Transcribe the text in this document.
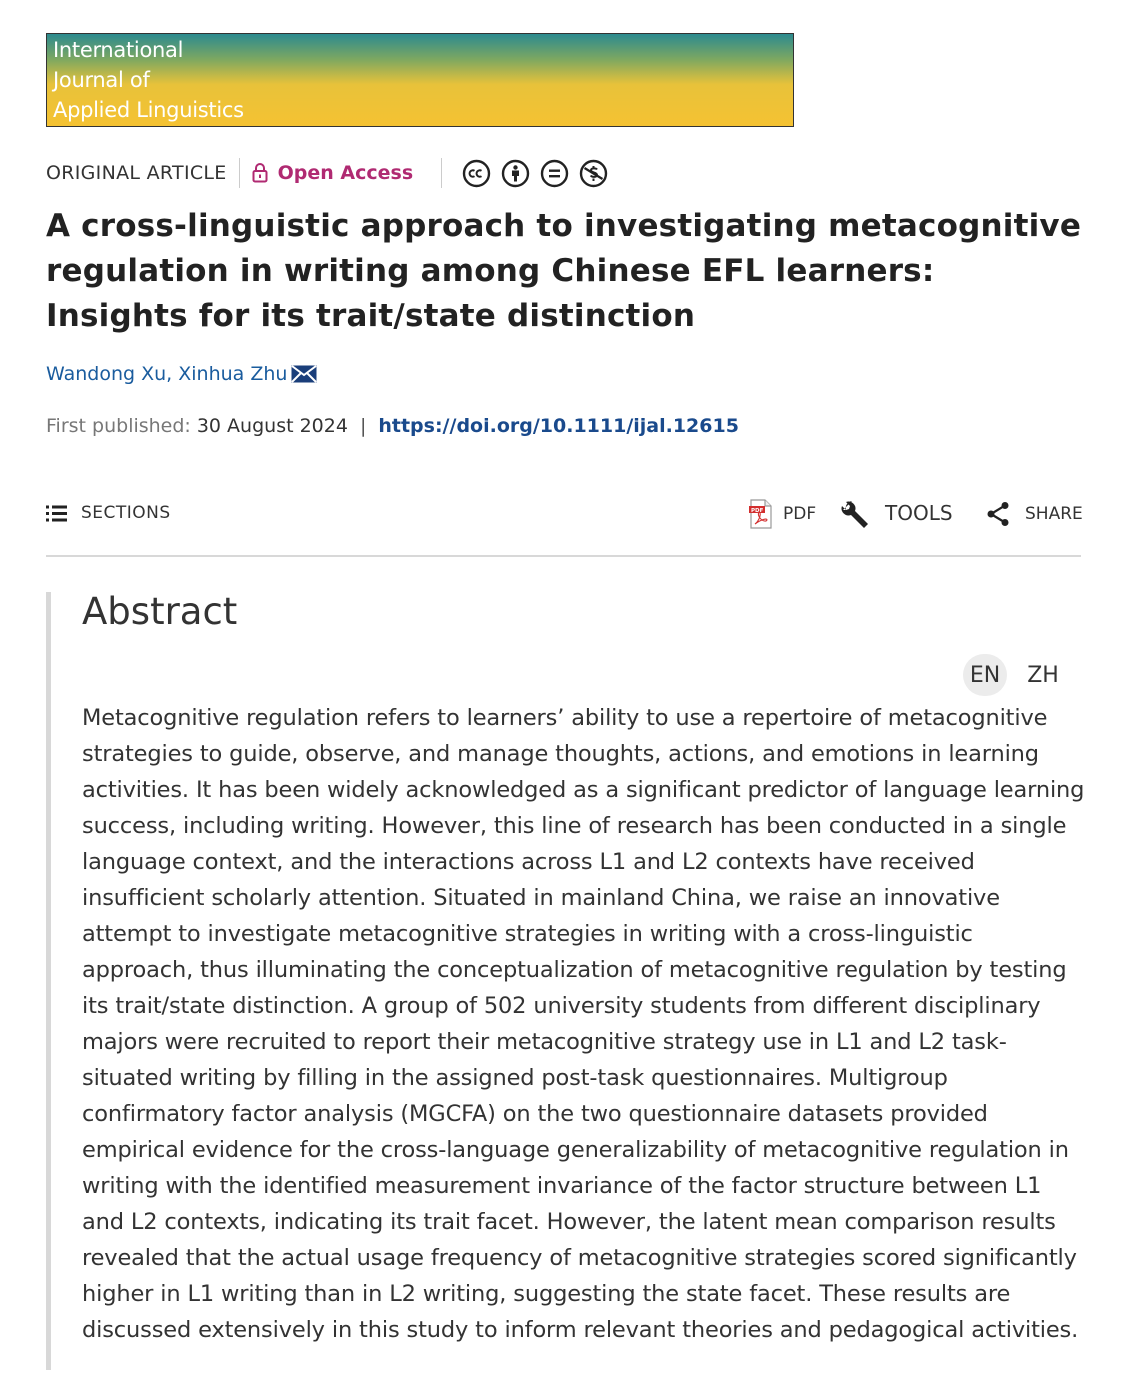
International
Journal of
Applied Linguistics
ORIGINAL ARTICLE	Open Access
A cross-linguistic approach to investigating metacognitive regulation in writing among Chinese EFL learners: Insights for its trait/state distinction
Wandong Xu ,
Xinhua Zhu
First published: 30 August 2024 | https://doi.org/10.1111/ijal.12615
SECTIONS	PDF PDF	TOOLS	SHARE
Abstract
EN	ZH
Metacognitive regulation refers to learners’ ability to use a repertoire of metacognitive strategies to guide, observe, and manage thoughts, actions, and emotions in learning activities. It has been widely acknowledged as a significant predictor of language learning success, including writing. However, this line of research has been conducted in a single language context, and the interactions across L1 and L2 contexts have received insufficient scholarly attention. Situated in mainland China, we raise an innovative attempt to investigate metacognitive strategies in writing with a cross-linguistic approach, thus illuminating the conceptualization of metacognitive regulation by testing its trait/state distinction. A group of 502 university students from different disciplinary majors were recruited to report their metacognitive strategy use in L1 and L2 task-situated writing by filling in the assigned post-task questionnaires. Multigroup confirmatory factor analysis (MGCFA) on the two questionnaire datasets provided empirical evidence for the cross-language generalizability of metacognitive regulation in writing with the identified measurement invariance of the factor structure between L1 and L2 contexts, indicating its trait facet. However, the latent mean comparison results revealed that the actual usage frequency of metacognitive strategies scored significantly higher in L1 writing than in L2 writing, suggesting the state facet. These results are discussed extensively in this study to inform relevant theories and pedagogical activities.
